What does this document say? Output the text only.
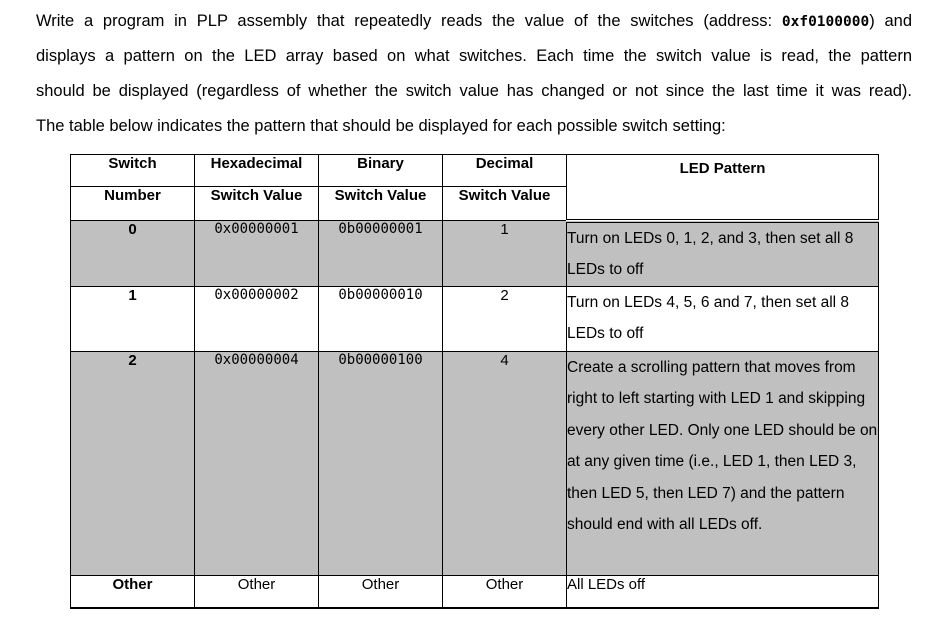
Write a program in PLP assembly that repeatedly reads the value of the switches (address: 0xf0100000) and
displays a pattern on the LED array based on what switches. Each time the switch value is read, the pattern
should be displayed (regardless of whether the switch value has changed or not since the last time it was read).
The table below indicates the pattern that should be displayed for each possible switch setting:
Switch	Hexadecimal	Binary	Decimal	LED Pattern
Number	Switch Value	Switch Value	Switch Value	
0	0x00000001	0b00000001	1	Turn on LEDs 0, 1, 2, and 3, then set all 8 LEDs to off
1	0x00000002	0b00000010	2	Turn on LEDs 4, 5, 6 and 7, then set all 8 LEDs to off
2	0x00000004	0b00000100	4	Create a scrolling pattern that moves from right to left starting with LED 1 and skipping every other LED. Only one LED should be on at any given time (i.e., LED 1, then LED 3, then LED 5, then LED 7) and the pattern should end with all LEDs off.
Other	Other	Other	Other	All LEDs off
